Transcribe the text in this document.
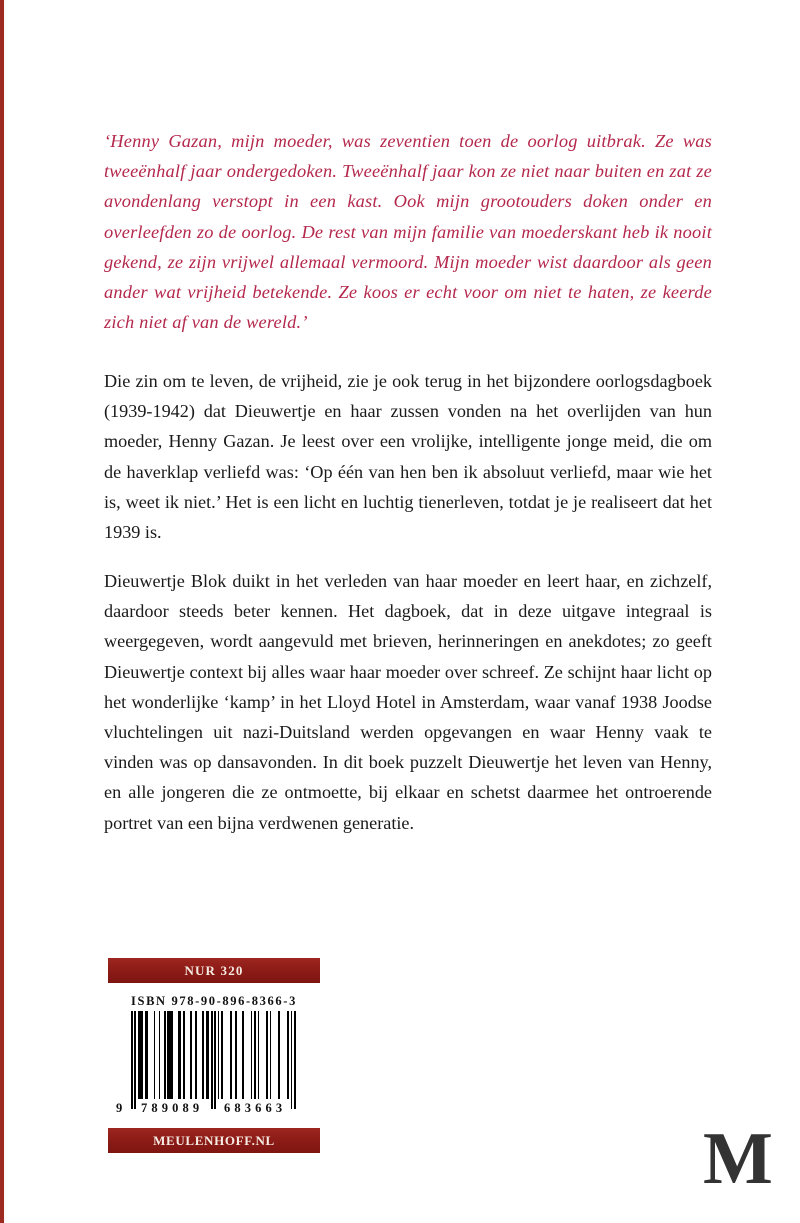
‘Henny Gazan, mijn moeder, was zeventien toen de oorlog uitbrak. Ze was tweeënhalf jaar ondergedoken. Tweeënhalf jaar kon ze niet naar buiten en zat ze avondenlang verstopt in een kast. Ook mijn grootouders doken onder en overleefden zo de oorlog. De rest van mijn familie van moederskant heb ik nooit gekend, ze zijn vrijwel allemaal vermoord. Mijn moeder wist daardoor als geen ander wat vrijheid betekende. Ze koos er echt voor om niet te haten, ze keerde zich niet af van de wereld.’
Die zin om te leven, de vrijheid, zie je ook terug in het bijzondere oorlogsdagboek (1939-1942) dat Dieuwertje en haar zussen vonden na het overlijden van hun moeder, Henny Gazan. Je leest over een vrolijke, intelligente jonge meid, die om de haverklap verliefd was: ‘Op één van hen ben ik absoluut verliefd, maar wie het is, weet ik niet.’ Het is een licht en luchtig tienerleven, totdat je je realiseert dat het 1939 is.
Dieuwertje Blok duikt in het verleden van haar moeder en leert haar, en zichzelf, daardoor steeds beter kennen. Het dagboek, dat in deze uitgave integraal is weergegeven, wordt aangevuld met brieven, herinneringen en anekdotes; zo geeft Dieuwertje context bij alles waar haar moeder over schreef. Ze schijnt haar licht op het wonderlijke ‘kamp’ in het Lloyd Hotel in Amsterdam, waar vanaf 1938 Joodse vluchtelingen uit nazi-Duitsland werden opgevangen en waar Henny vaak te vinden was op dansavonden. In dit boek puzzelt Dieuwertje het leven van Henny, en alle jongeren die ze ontmoette, bij elkaar en schetst daarmee het ontroerende portret van een bijna verdwenen generatie.
NUR 320
ISBN 978-90-896-8366-3
9 789089 683663
MEULENHOFF.NL	M
